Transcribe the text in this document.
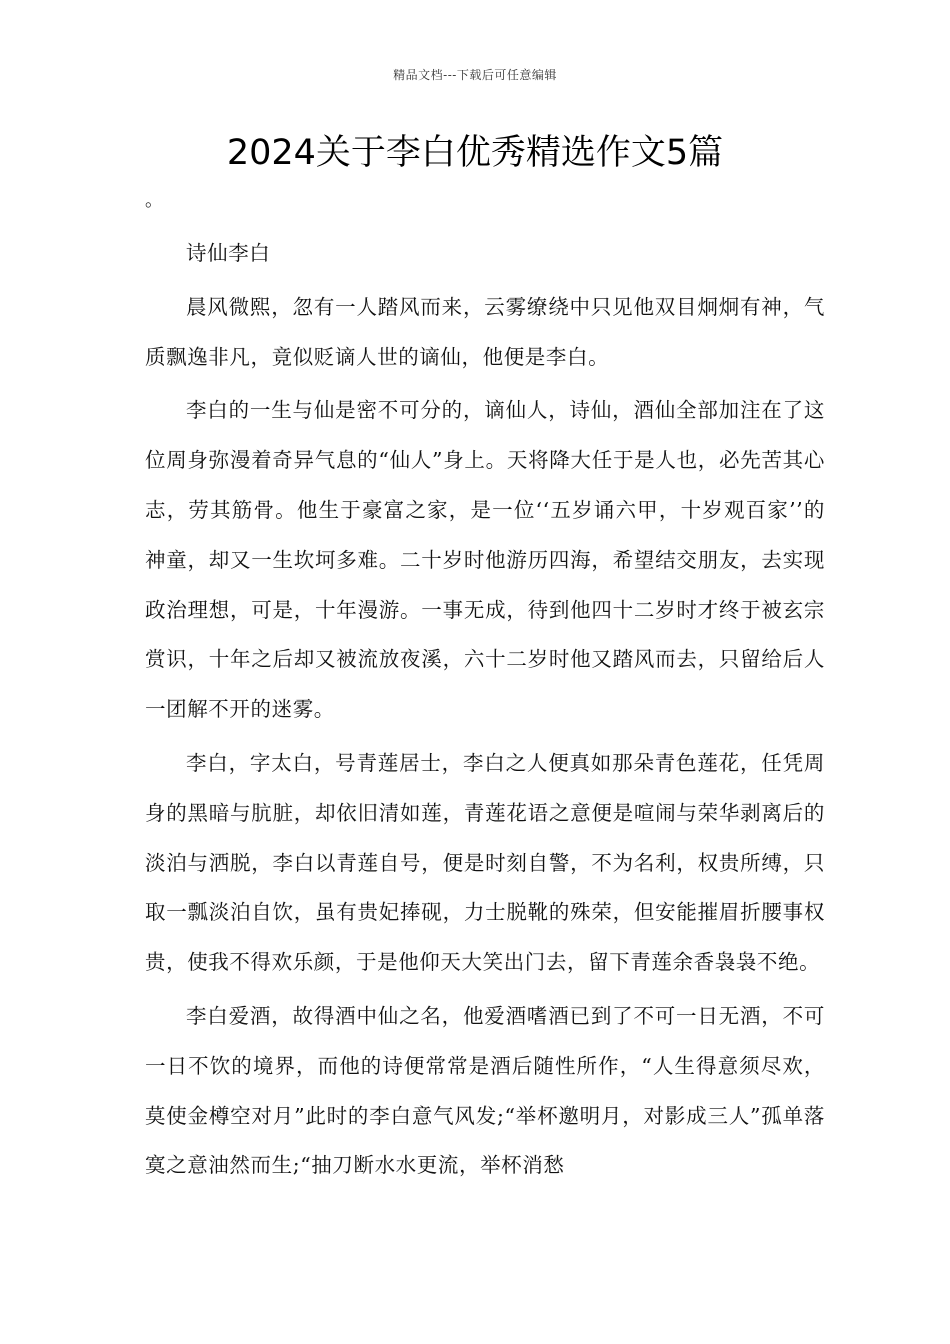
精品文档---下载后可任意编辑
2024关于李白优秀精选作文5篇
。

诗仙李白

晨风微熙，忽有一人踏风而来，云雾缭绕中只见他双目炯炯有神，气质飘逸非凡，竟似贬谪人世的谪仙，他便是李白。

李白的一生与仙是密不可分的，谪仙人，诗仙，酒仙全部加注在了这位周身弥漫着奇异气息的“仙人”身上。天将降大任于是人也，必先苦其心志，劳其筋骨。他生于豪富之家，是一位‘‘五岁诵六甲，十岁观百家’’的神童，却又一生坎坷多难。二十岁时他游历四海，希望结交朋友，去实现政治理想，可是，十年漫游。一事无成，待到他四十二岁时才终于被玄宗赏识，十年之后却又被流放夜溪，六十二岁时他又踏风而去，只留给后人一团解不开的迷雾。

李白，字太白，号青莲居士，李白之人便真如那朵青色莲花，任凭周身的黑暗与肮脏，却依旧清如莲，青莲花语之意便是喧闹与荣华剥离后的淡泊与洒脱，李白以青莲自号，便是时刻自警，不为名利，权贵所缚，只取一瓢淡泊自饮，虽有贵妃捧砚，力士脱靴的殊荣，但安能摧眉折腰事权贵，使我不得欢乐颜，于是他仰天大笑出门去，留下青莲余香袅袅不绝。

李白爱酒，故得酒中仙之名，他爱酒嗜酒已到了不可一日无酒，不可一日不饮的境界，而他的诗便常常是酒后随性所作，“人生得意须尽欢，莫使金樽空对月”此时的李白意气风发;“举杯邀明月，对影成三人”孤单落寞之意油然而生;“抽刀断水水更流，举杯消愁
